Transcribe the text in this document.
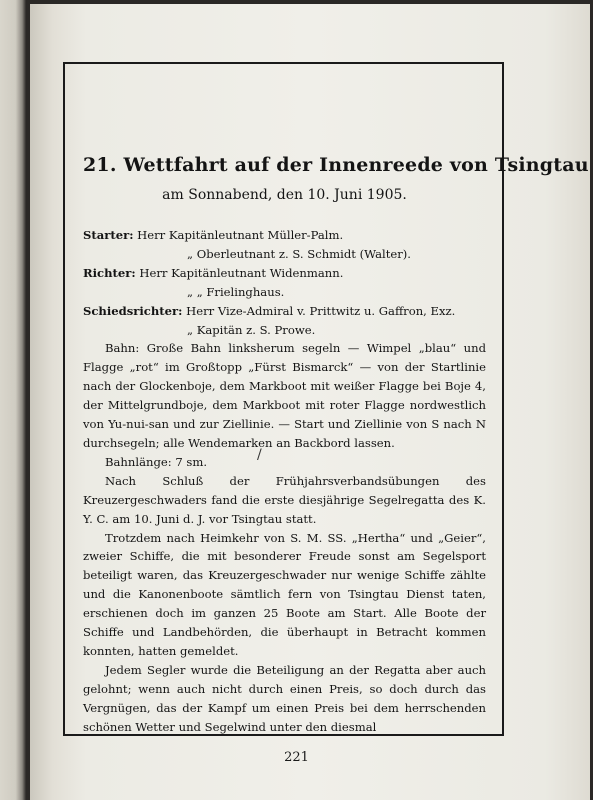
21. Wettfahrt auf der Innenreede von Tsingtau
am Sonnabend, den 10. Juni 1905.

Starter: Herr Kapitänleutnant Müller-Palm.

„ Oberleutnant z. S. Schmidt (Walter).

Richter: Herr Kapitänleutnant Widenmann.

„ „ Frielinghaus.

Schiedsrichter: Herr Vize-Admiral v. Prittwitz u. Gaffron, Exz.

„ Kapitän z. S. Prowe.

Bahn: Große Bahn linksherum segeln — Wimpel „blau“ und Flagge „rot“ im Großtopp „Fürst Bismarck“ — von der Startlinie nach der Glockenboje, dem Markboot mit weißer Flagge bei Boje 4, der Mittelgrundboje, dem Markboot mit roter Flagge nordwestlich von Yu-nui-san und zur Ziellinie. — Start und Ziellinie von S nach N durchsegeln; alle Wendemarken an Backbord lassen.

Bahnlänge: 7 sm.

Nach Schluß der Frühjahrsverbandsübungen des Kreuzergeschwaders fand die erste diesjährige Segelregatta des K. Y. C. am 10. Juni d. J. vor Tsingtau statt.

Trotzdem nach Heimkehr von S. M. SS. „Hertha“ und „Geier“, zweier Schiffe, die mit besonderer Freude sonst am Segelsport beteiligt waren, das Kreuzergeschwader nur wenige Schiffe zählte und die Kanonenboote sämtlich fern von Tsingtau Dienst taten, erschienen doch im ganzen 25 Boote am Start. Alle Boote der Schiffe und Landbehörden, die überhaupt in Betracht kommen konnten, hatten gemeldet.

Jedem Segler wurde die Beteiligung an der Regatta aber auch gelohnt; wenn auch nicht durch einen Preis, so doch durch das Vergnügen, das der Kampf um einen Preis bei dem herrschenden schönen Wetter und Segelwind unter den diesmal

/
221
